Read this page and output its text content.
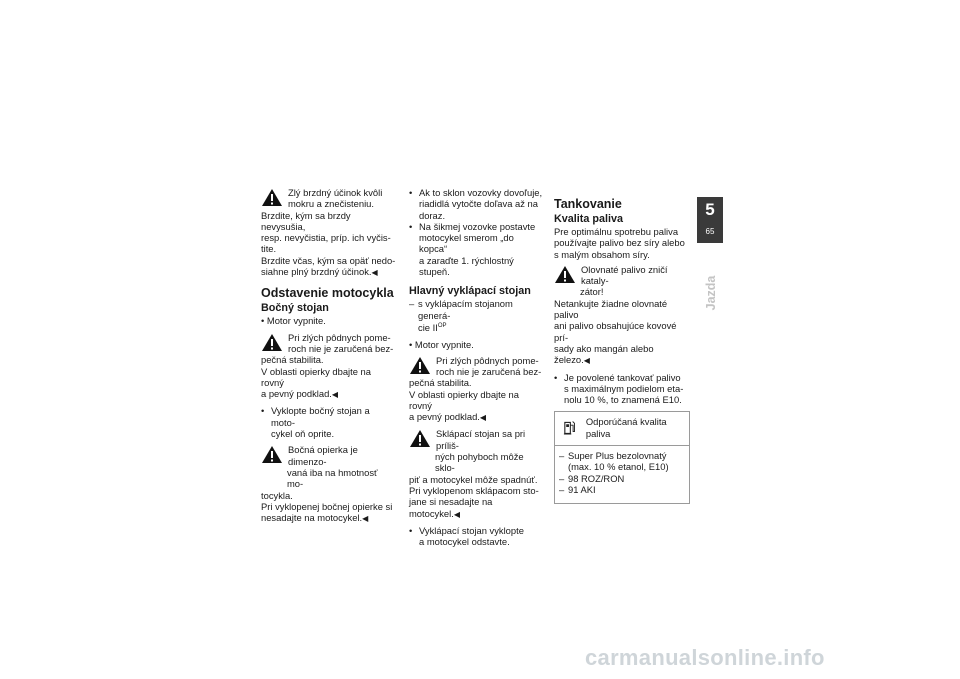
Zlý brzdný účinok kvôli

mokru a znečisteniu.

Brzdite, kým sa brzdy nevysušia,

resp. nevyčistia, príp. ich vyčis-

tite.

Brzdite včas, kým sa opäť nedo-

siahne plný brzdný účinok.◀

Odstavenie motocykla
Bočný stojan

• Motor vypnite.

Pri zlých pôdnych pome-

roch nie je zaručená bez-

pečná stabilita.

V oblasti opierky dbajte na rovný

a pevný podklad.◀

• Vyklopte bočný stojan a moto-

cykel oň oprite.

Bočná opierka je dimenzo-

vaná iba na hmotnosť mo-

tocykla.

Pri vyklopenej bočnej opierke si

nesadajte na motocykel.◀

• Ak to sklon vozovky dovoľuje,

riadidlá vytočte doľava až na

doraz.

• Na šikmej vozovke postavte

motocykel smerom „do kopca“

a zaraďte 1. rýchlostný stupeň.

Hlavný vyklápací stojan
– s vyklápacím stojanom generá-

cie $II^{OP}$

• Motor vypnite.

Pri zlých pôdnych pome-

roch nie je zaručená bez-

pečná stabilita.

V oblasti opierky dbajte na rovný

a pevný podklad.◀

Sklápací stojan sa pri príliš-

ných pohyboch môže sklo-

piť a motocykel môže spadnúť.

Pri vyklopenom sklápacom sto-

jane si nesadajte na motocykel.◀

• Vyklápací stojan vyklopte

a motocykel odstavte.

Tankovanie
Kvalita paliva

Pre optimálnu spotrebu paliva

používajte palivo bez síry alebo

s malým obsahom síry.

Olovnaté palivo zničí kataly-

zátor!

Netankujte žiadne olovnaté palivo

ani palivo obsahujúce kovové prí-

sady ako mangán alebo železo.◀

• Je povolené tankovať palivo

s maximálnym podielom eta-

nolu 10 %, to znamená E10.

Odporúčaná kvalita paliva
– Super Plus bezolovnatý

(max. 10 % etanol, E10)

– 98 ROZ/RON

– 91 AKI

5
65
Jazda
carmanualsonline.info
